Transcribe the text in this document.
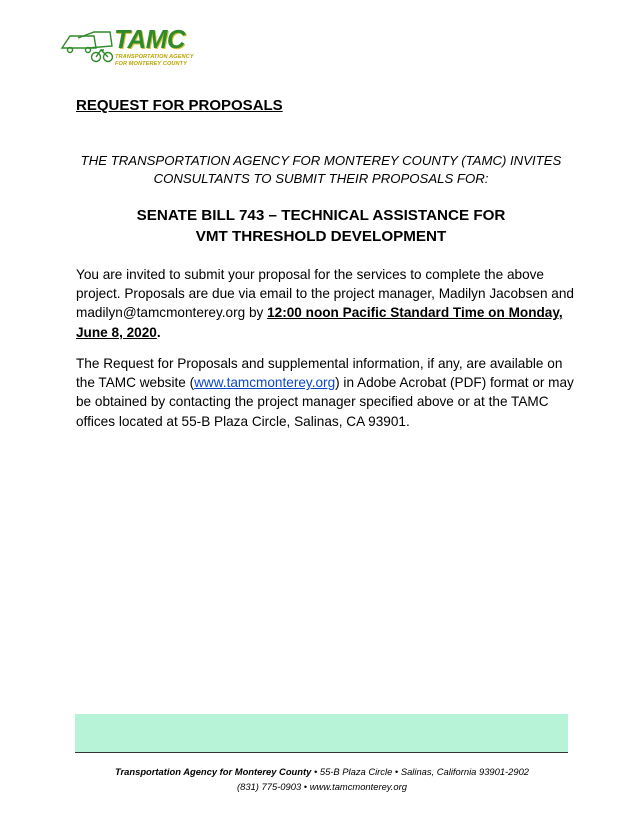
TAMC
TRANSPORTATION AGENCY
FOR MONTEREY COUNTY
REQUEST FOR PROPOSALS
THE TRANSPORTATION AGENCY FOR MONTEREY COUNTY (TAMC) INVITES
CONSULTANTS TO SUBMIT THEIR PROPOSALS FOR:
SENATE BILL 743 – TECHNICAL ASSISTANCE FOR
VMT THRESHOLD DEVELOPMENT

You are invited to submit your proposal for the services to complete the above project. Proposals are due via email to the project manager, Madilyn Jacobsen and madilyn@tamcmonterey.org by 12:00 noon Pacific Standard Time on Monday, June 8, 2020.

The Request for Proposals and supplemental information, if any, are available on the TAMC website (www.tamcmonterey.org) in Adobe Acrobat (PDF) format or may be obtained by contacting the project manager specified above or at the TAMC offices located at 55-B Plaza Circle, Salinas, CA 93901.

Transportation Agency for Monterey County • 55-B Plaza Circle • Salinas, California 93901-2902
(831) 775-0903 • www.tamcmonterey.org
